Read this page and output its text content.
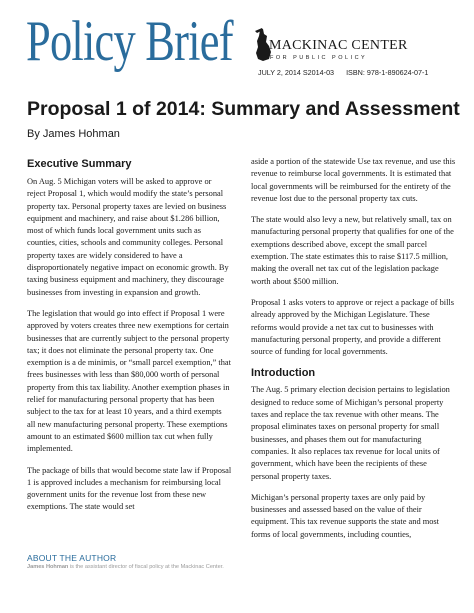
Policy Brief	MACKINAC CENTER
FOR PUBLIC POLICY
JULY 2, 2014 S2014-03 ISBN: 978-1-890624-07-1
Proposal 1 of 2014: Summary and Assessment
By James Hohman
Executive Summary

On Aug. 5 Michigan voters will be asked to approve or reject Proposal 1, which would modify the state’s personal property tax. Personal property taxes are levied on business equipment and machinery, and raise about $1.286 billion, most of which funds local government units such as counties, cities, schools and community colleges. Personal property taxes are widely considered to have a disproportionately negative impact on economic growth. By taxing business equipment and machinery, they discourage businesses from investing in expansion and growth.

The legislation that would go into effect if Proposal 1 were approved by voters creates three new exemptions for certain businesses that are currently subject to the personal property tax; it does not eliminate the personal property tax. One exemption is a de minimis, or “small parcel exemption,” that frees businesses with less than $80,000 worth of personal property from this tax liability. Another exemption phases in relief for manufacturing personal property that has been subject to the tax for at least 10 years, and a third exempts all new manufacturing personal property. These exemptions amount to an estimated $600 million tax cut when fully implemented.

The package of bills that would become state law if Proposal 1 is approved includes a mechanism for reimbursing local government units for the revenue lost from these new exemptions. The state would set

aside a portion of the statewide Use tax revenue, and use this revenue to reimburse local governments. It is estimated that local governments will be reimbursed for the entirety of the revenue lost due to the personal property tax cuts.

The state would also levy a new, but relatively small, tax on manufacturing personal property that qualifies for one of the exemptions described above, except the small parcel exemption. The state estimates this to raise $117.5 million, making the overall net tax cut of the legislation package worth about $500 million.

Proposal 1 asks voters to approve or reject a package of bills already approved by the Michigan Legislature. These reforms would provide a net tax cut to businesses with manufacturing personal property, and provide a different source of funding for local governments.

Introduction

The Aug. 5 primary election decision pertains to legislation designed to reduce some of Michigan’s personal property taxes and replace the tax revenue with other means. The proposal eliminates taxes on personal property for small businesses, and phases them out for manufacturing companies. It also replaces tax revenue for local units of government, which have been the recipients of these personal property taxes.

Michigan’s personal property taxes are only paid by businesses and assessed based on the value of their equipment. This tax revenue supports the state and most forms of local governments, including counties,

ABOUT THE AUTHOR
James Hohman is the assistant director of fiscal policy at the Mackinac Center.
